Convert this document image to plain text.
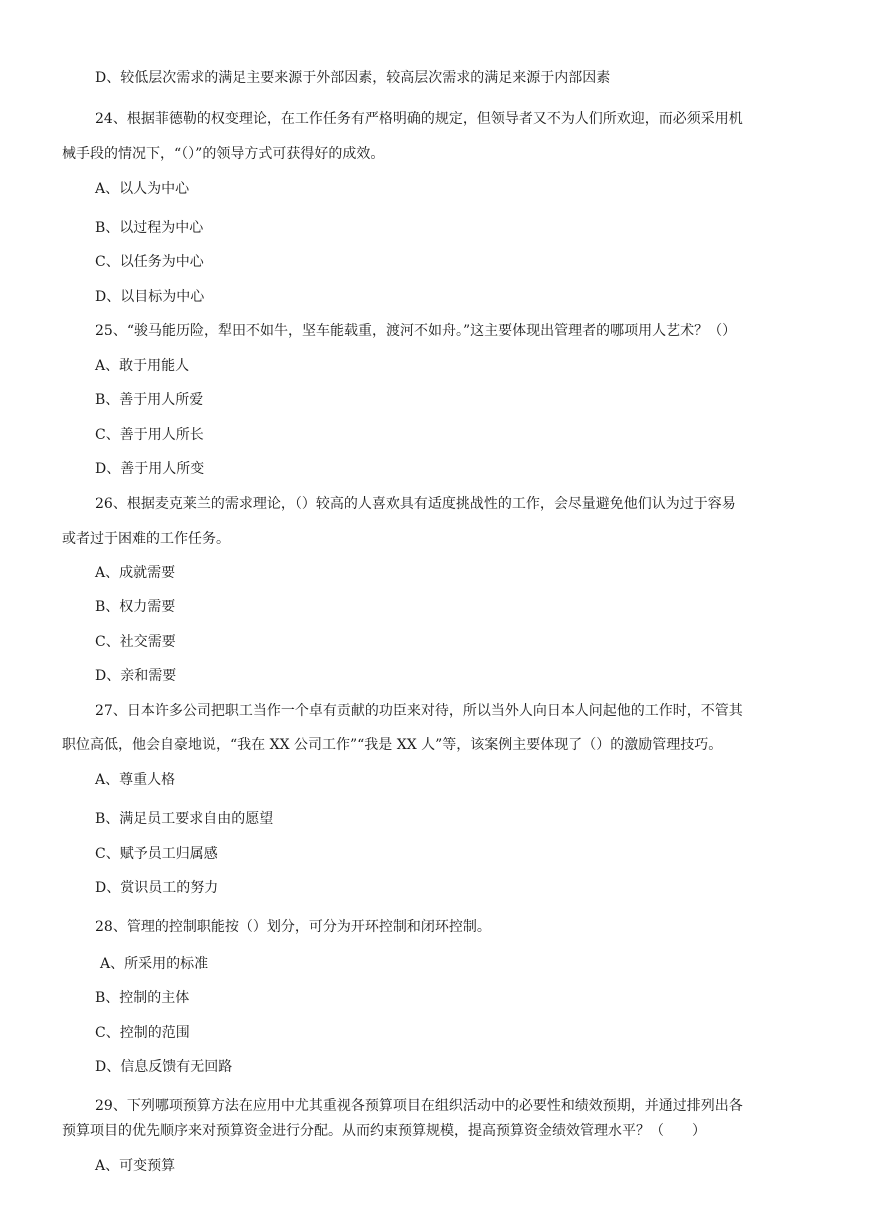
D、较低层次需求的满足主要来源于外部因素，较高层次需求的满足来源于内部因素
24、根据菲德勒的权变理论，在工作任务有严格明确的规定，但领导者又不为人们所欢迎，而必须采用机
械手段的情况下，“（）”的领导方式可获得好的成效。
A、以人为中心
B、以过程为中心
C、以任务为中心
D、以目标为中心
25、“骏马能历险，犁田不如牛，坚车能载重，渡河不如舟。”这主要体现出管理者的哪项用人艺术？（）
A、敢于用能人
B、善于用人所爱
C、善于用人所长
D、善于用人所变
26、根据麦克莱兰的需求理论，（）较高的人喜欢具有适度挑战性的工作，会尽量避免他们认为过于容易
或者过于困难的工作任务。
A、成就需要
B、权力需要
C、社交需要
D、亲和需要
27、日本许多公司把职工当作一个卓有贡献的功臣来对待，所以当外人向日本人问起他的工作时，不管其
职位高低，他会自豪地说，“我在 XX 公司工作”“我是 XX 人”等，该案例主要体现了（）的激励管理技巧。
A、尊重人格
B、满足员工要求自由的愿望
C、赋予员工归属感
D、赏识员工的努力
28、管理的控制职能按（）划分，可分为开环控制和闭环控制。
A、所采用的标准
B、控制的主体
C、控制的范围
D、信息反馈有无回路
29、下列哪项预算方法在应用中尤其重视各预算项目在组织活动中的必要性和绩效预期，并通过排列出各
预算项目的优先顺序来对预算资金进行分配。从而约束预算规模，提高预算资金绩效管理水平？（　　）
A、可变预算
